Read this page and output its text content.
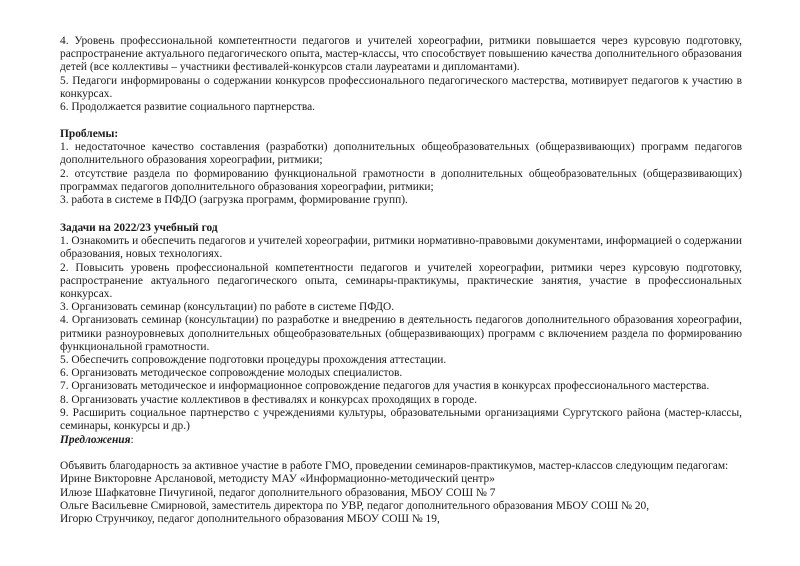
4. Уровень профессиональной компетентности педагогов и учителей хореографии, ритмики повышается через курсовую подготовку, распространение актуального педагогического опыта, мастер-классы, что способствует повышению качества дополнительного образования детей (все коллективы – участники фестивалей-конкурсов стали лауреатами и дипломантами).

5. Педагоги информированы о содержании конкурсов профессионального педагогического мастерства, мотивирует педагогов к участию в конкурсах.

6. Продолжается развитие социального партнерства.

Проблемы:

1. недостаточное качество составления (разработки) дополнительных общеобразовательных (общеразвивающих) программ педагогов дополнительного образования хореографии, ритмики;

2. отсутствие раздела по формированию функциональной грамотности в дополнительных общеобразовательных (общеразвивающих) программах педагогов дополнительного образования хореографии, ритмики;

3. работа в системе в ПФДО (загрузка программ, формирование групп).

Задачи на 2022/23 учебный год

1. Ознакомить и обеспечить педагогов и учителей хореографии, ритмики нормативно-правовыми документами, информацией о содержании образования, новых технологиях.

2. Повысить уровень профессиональной компетентности педагогов и учителей хореографии, ритмики через курсовую подготовку, распространение актуального педагогического опыта, семинары-практикумы, практические занятия, участие в профессиональных конкурсах.

3. Организовать семинар (консультации) по работе в системе ПФДО.

4. Организовать семинар (консультации) по разработке и внедрению в деятельность педагогов дополнительного образования хореографии, ритмики разноуровневых дополнительных общеобразовательных (общеразвивающих) программ с включением раздела по формированию функциональной грамотности.

5. Обеспечить сопровождение подготовки процедуры прохождения аттестации.

6. Организовать методическое сопровождение молодых специалистов.

7. Организовать методическое и информационное сопровождение педагогов для участия в конкурсах профессионального мастерства.

8. Организовать участие коллективов в фестивалях и конкурсах проходящих в городе.

9. Расширить социальное партнерство с учреждениями культуры, образовательными организациями Сургутского района (мастер-классы, семинары, конкурсы и др.)

Предложения:

Объявить благодарность за активное участие в работе ГМО, проведении семинаров-практикумов, мастер-классов следующим педагогам:

Ирине Викторовне Арслановой, методисту МАУ «Информационно-методический центр»

Илюзе Шафкатовне Пичугиной, педагог дополнительного образования, МБОУ СОШ № 7

Ольге Васильевне Смирновой, заместитель директора по УВР, педагог дополнительного образования МБОУ СОШ № 20,

Игорю Струнчикоу, педагог дополнительного образования МБОУ СОШ № 19,
